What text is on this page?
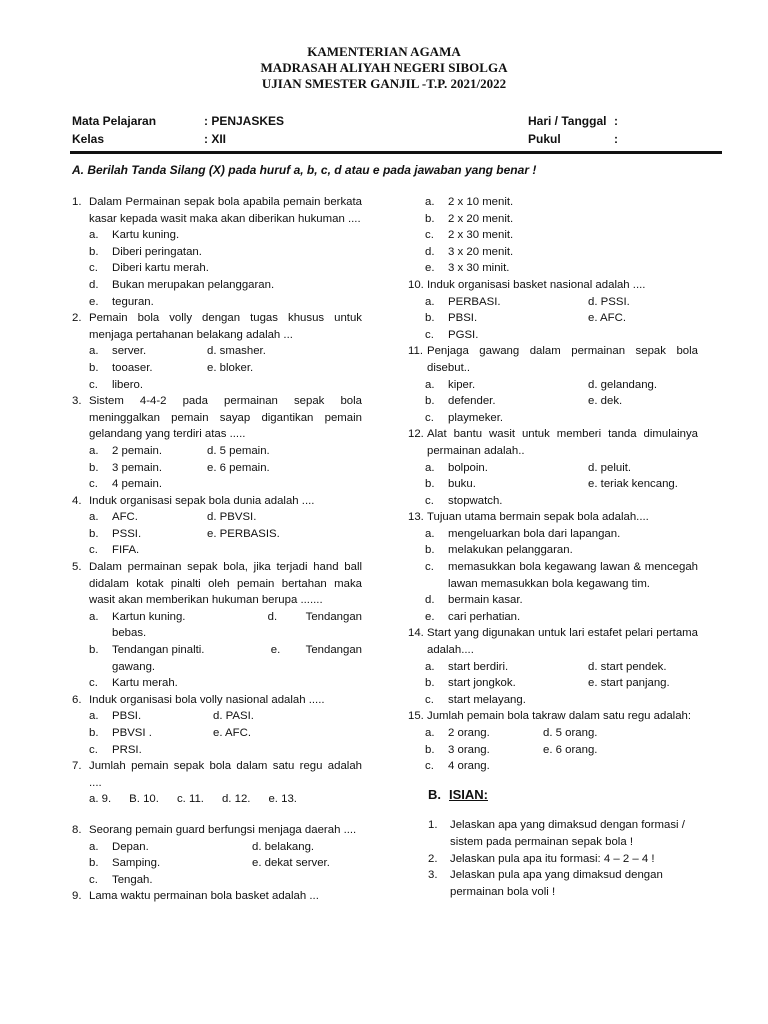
KAMENTERIAN AGAMA
MADRASAH ALIYAH NEGERI SIBOLGA
UJIAN SMESTER GANJIL -T.P. 2021/2022
Mata Pelajaran	: PENJASKES
Kelas	: XII
Hari / Tanggal :
Pukul	:
A. Berilah Tanda Silang (X) pada huruf a, b, c, d atau e pada jawaban yang benar !
1. Dalam Permainan sepak bola apabila pemain berkata kasar kepada wasit maka akan diberikan hukuman ....
a.	Kartu kuning.
b.	Diberi peringatan.
c.	Diberi kartu merah.
d.	Bukan merupakan pelanggaran.
e.	teguran.
2. Pemain bola volly dengan tugas khusus untuk menjaga pertahanan belakang adalah ...
a.	server.	d. smasher.
b.	tooaser.	e. bloker.
c.	libero.
3. Sistem 4-4-2 pada permainan sepak bola meninggalkan pemain sayap digantikan pemain gelandang yang terdiri atas .....
a.	2 pemain.	d. 5 pemain.
b.	3 pemain.	e. 6 pemain.
c.	4 pemain.
4. Induk organisasi sepak bola dunia adalah ....
a.	AFC.	d. PBVSI.
b.	PSSI.	e. PERBASIS.
c.	FIFA.
5. Dalam permainan sepak bola, jika terjadi hand ball didalam kotak pinalti oleh pemain bertahan maka wasit akan memberikan hukuman berupa .......
a.	Kartun kuning.	d. Tendangan
bebas.
b.	Tendangan pinalti.	e. Tendangan
gawang.
c.	Kartu merah.
6. Induk organisasi bola volly nasional adalah .....
a.	PBSI.	d. PASI.
b.	PBVSI .	e. AFC.
c.	PRSI.
7. Jumlah pemain sepak bola dalam satu regu adalah ....
a. 9. B. 10. c. 11. d. 12. e. 13.
8. Seorang pemain guard berfungsi menjaga daerah ....
a.	Depan.	d. belakang.
b.	Samping.	e. dekat server.
c.	Tengah.
9. Lama waktu permainan bola basket adalah ...
a.	2 x 10 menit.
b.	2 x 20 menit.
c.	2 x 30 menit.
d.	3 x 20 menit.
e.	3 x 30 minit.
10. Induk organisasi basket nasional adalah ....
a.	PERBASI.	d. PSSI.
b.	PBSI.	e. AFC.
c.	PGSI.
11. Penjaga gawang dalam permainan sepak bola disebut..
a.	kiper.	d. gelandang.
b.	defender.	e. dek.
c.	playmeker.
12. Alat bantu wasit untuk memberi tanda dimulainya permainan adalah..
a.	bolpoin.	d. peluit.
b.	buku.	e. teriak kencang.
c.	stopwatch.
13. Tujuan utama bermain sepak bola adalah....
a.	mengeluarkan bola dari lapangan.
b.	melakukan pelanggaran.
c.	memasukkan bola kegawang lawan & mencegah lawan memasukkan bola kegawang tim.
d.	bermain kasar.
e.	cari perhatian.
14. Start yang digunakan untuk lari estafet pelari pertama adalah....
a.	start berdiri.	d. start pendek.
b.	start jongkok.	e. start panjang.
c.	start melayang.
15. Jumlah pemain bola takraw dalam satu regu adalah:
a.	2 orang.	d. 5 orang.
b.	3 orang.	e. 6 orang.
c.	4 orang.
B. ISIAN:
1.	Jelaskan apa yang dimaksud dengan formasi / sistem pada permainan sepak bola !
2.	Jelaskan pula apa itu formasi: 4 – 2 – 4 !
3.	Jelaskan pula apa yang dimaksud dengan permainan bola voli !
